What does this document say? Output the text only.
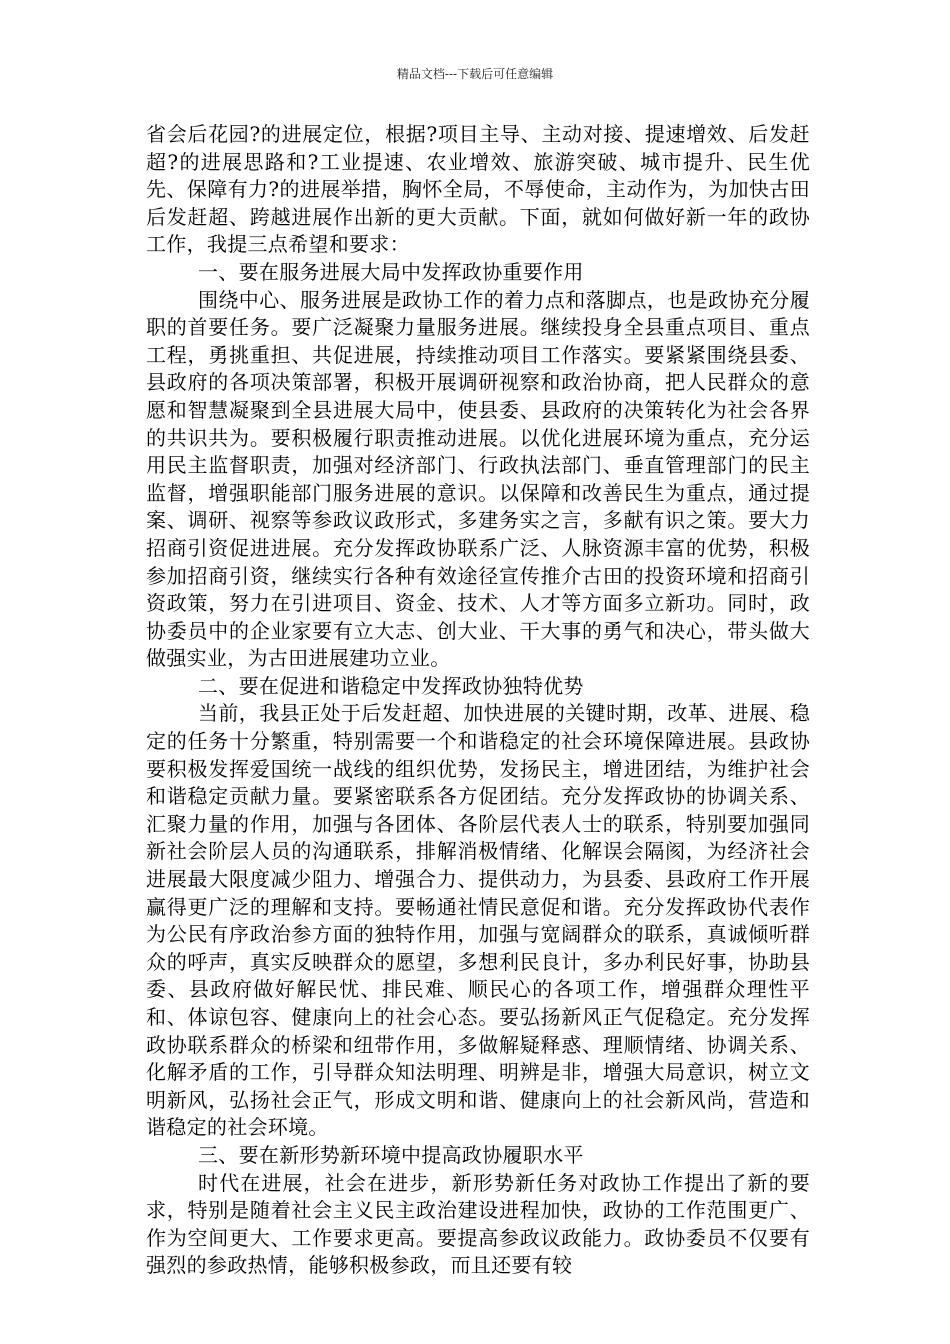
精品文档---下载后可任意编辑

省会后花园?的进展定位，根据?项目主导、主动对接、提速增效、后发赶超?的进展思路和?工业提速、农业增效、旅游突破、城市提升、民生优先、保障有力?的进展举措，胸怀全局，不辱使命，主动作为，为加快古田后发赶超、跨越进展作出新的更大贡献。下面，就如何做好新一年的政协工作，我提三点希望和要求：

一、要在服务进展大局中发挥政协重要作用

围绕中心、服务进展是政协工作的着力点和落脚点，也是政协充分履职的首要任务。要广泛凝聚力量服务进展。继续投身全县重点项目、重点工程，勇挑重担、共促进展，持续推动项目工作落实。要紧紧围绕县委、县政府的各项决策部署，积极开展调研视察和政治协商，把人民群众的意愿和智慧凝聚到全县进展大局中，使县委、县政府的决策转化为社会各界的共识共为。要积极履行职责推动进展。以优化进展环境为重点，充分运用民主监督职责，加强对经济部门、行政执法部门、垂直管理部门的民主监督，增强职能部门服务进展的意识。以保障和改善民生为重点，通过提案、调研、视察等参政议政形式，多建务实之言，多献有识之策。要大力招商引资促进进展。充分发挥政协联系广泛、人脉资源丰富的优势，积极参加招商引资，继续实行各种有效途径宣传推介古田的投资环境和招商引资政策，努力在引进项目、资金、技术、人才等方面多立新功。同时，政协委员中的企业家要有立大志、创大业、干大事的勇气和决心，带头做大做强实业，为古田进展建功立业。

二、要在促进和谐稳定中发挥政协独特优势

当前，我县正处于后发赶超、加快进展的关键时期，改革、进展、稳定的任务十分繁重，特别需要一个和谐稳定的社会环境保障进展。县政协要积极发挥爱国统一战线的组织优势，发扬民主，增进团结，为维护社会和谐稳定贡献力量。要紧密联系各方促团结。充分发挥政协的协调关系、汇聚力量的作用，加强与各团体、各阶层代表人士的联系，特别要加强同新社会阶层人员的沟通联系，排解消极情绪、化解误会隔阂，为经济社会进展最大限度减少阻力、增强合力、提供动力，为县委、县政府工作开展赢得更广泛的理解和支持。要畅通社情民意促和谐。充分发挥政协代表作为公民有序政治参方面的独特作用，加强与宽阔群众的联系，真诚倾听群众的呼声，真实反映群众的愿望，多想利民良计，多办利民好事，协助县委、县政府做好解民忧、排民难、顺民心的各项工作，增强群众理性平和、体谅包容、健康向上的社会心态。要弘扬新风正气促稳定。充分发挥政协联系群众的桥梁和纽带作用，多做解疑释惑、理顺情绪、协调关系、化解矛盾的工作，引导群众知法明理、明辨是非，增强大局意识，树立文明新风，弘扬社会正气，形成文明和谐、健康向上的社会新风尚，营造和谐稳定的社会环境。

三、要在新形势新环境中提高政协履职水平

时代在进展，社会在进步，新形势新任务对政协工作提出了新的要求，特别是随着社会主义民主政治建设进程加快，政协的工作范围更广、作为空间更大、工作要求更高。要提高参政议政能力。政协委员不仅要有强烈的参政热情，能够积极参政，而且还要有较
